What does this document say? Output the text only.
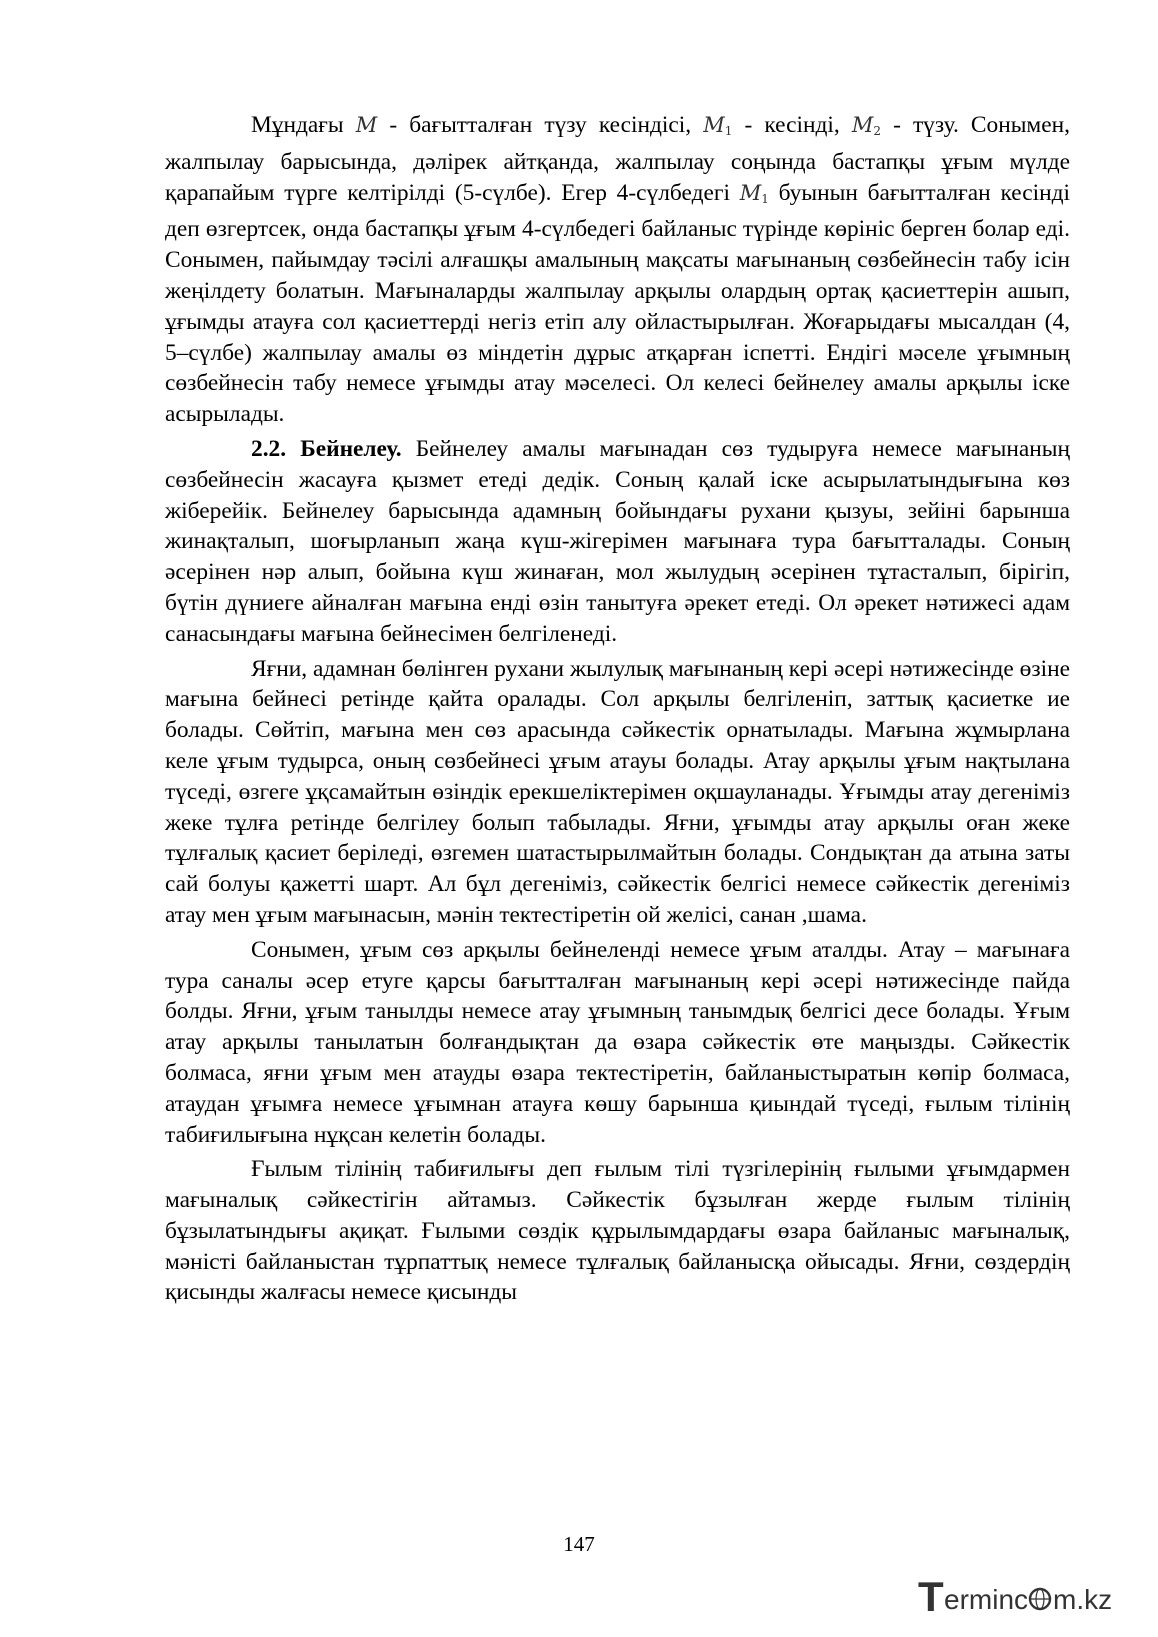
Мұндағы M - бағытталған түзу кесіндісі, $M_1$ - кесінді, $M_2$ - түзу. Сонымен, жалпылау барысында, дәлірек айтқанда, жалпылау соңында бастапқы ұғым мүлде қарапайым түрге келтірілді (5-сүлбе). Егер 4-сүлбедегі $M_1$ буынын бағытталған кесінді деп өзгертсек, онда бастапқы ұғым 4-сүлбедегі байланыс түрінде көрініс берген болар еді. Сонымен, пайымдау тәсілі алғашқы амалының мақсаты мағынаның сөзбейнесін табу ісін жеңілдету болатын. Мағыналарды жалпылау арқылы олардың ортақ қасиеттерін ашып, ұғымды атауға сол қасиеттерді негіз етіп алу ойластырылған. Жоғарыдағы мысалдан (4, 5–сүлбе) жалпылау амалы өз міндетін дұрыс атқарған іспетті. Ендігі мәселе ұғымның сөзбейнесін табу немесе ұғымды атау мәселесі. Ол келесі бейнелеу амалы арқылы іске асырылады.

2.2. Бейнелеу. Бейнелеу амалы мағынадан сөз тудыруға немесе мағынаның сөзбейнесін жасауға қызмет етеді дедік. Соның қалай іске асырылатындығына көз жіберейік. Бейнелеу барысында адамның бойындағы рухани қызуы, зейіні барынша жинақталып, шоғырланып жаңа күш-жігерімен мағынаға тура бағытталады. Соның әсерінен нәр алып, бойына күш жинаған, мол жылудың әсерінен тұтасталып, бірігіп, бүтін дүниеге айналған мағына енді өзін танытуға әрекет етеді. Ол әрекет нәтижесі адам санасындағы мағына бейнесімен белгіленеді.

Яғни, адамнан бөлінген рухани жылулық мағынаның кері әсері нәтижесінде өзіне мағына бейнесі ретінде қайта оралады. Сол арқылы белгіленіп, заттық қасиетке ие болады. Сөйтіп, мағына мен сөз арасында сәйкестік орнатылады. Мағына жұмырлана келе ұғым тудырса, оның сөзбейнесі ұғым атауы болады. Атау арқылы ұғым нақтылана түседі, өзгеге ұқсамайтын өзіндік ерекшеліктерімен оқшауланады. Ұғымды атау дегеніміз жеке тұлға ретінде белгілеу болып табылады. Яғни, ұғымды атау арқылы оған жеке тұлғалық қасиет беріледі, өзгемен шатастырылмайтын болады. Сондықтан да атына заты сай болуы қажетті шарт. Ал бұл дегеніміз, сәйкестік белгісі немесе сәйкестік дегеніміз атау мен ұғым мағынасын, мәнін тектестіретін ой желісі, санан ,шама.

Сонымен, ұғым сөз арқылы бейнеленді немесе ұғым аталды. Атау – мағынаға тура саналы әсер етуге қарсы бағытталған мағынаның кері әсері нәтижесінде пайда болды. Яғни, ұғым танылды немесе атау ұғымның танымдық белгісі десе болады. Ұғым атау арқылы танылатын болғандықтан да өзара сәйкестік өте маңызды. Сәйкестік болмаса, яғни ұғым мен атауды өзара тектестіретін, байланыстыратын көпір болмаса, атаудан ұғымға немесе ұғымнан атауға көшу барынша қиындай түседі, ғылым тілінің табиғилығына нұқсан келетін болады.

Ғылым тілінің табиғилығы деп ғылым тілі түзгілерінің ғылыми ұғымдармен мағыналық сәйкестігін айтамыз. Сәйкестік бұзылған жерде ғылым тілінің бұзылатындығы ақиқат. Ғылыми сөздік құрылымдардағы өзара байланыс мағыналық, мәністі байланыстан тұрпаттық немесе тұлғалық байланысқа ойысады. Яғни, сөздердің қисынды жалғасы немесе қисынды

147
T erminc m.kz
